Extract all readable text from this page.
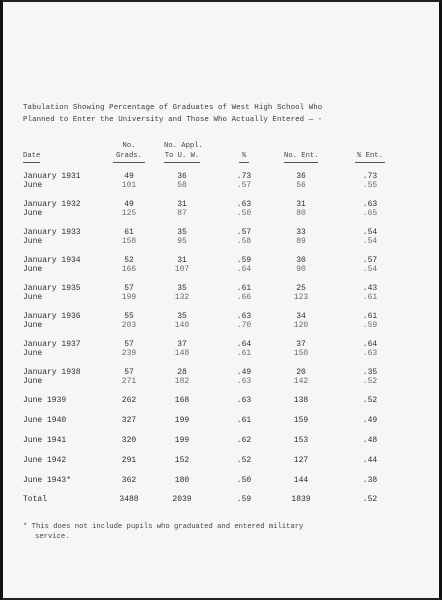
Tabulation Showing Percentage of Graduates of West High School Who
Planned to Enter the University and Those Who Actually Entered — -
No.	No. Appl.
Date	Grads.	To U. W.	%	No. Ent.	% Ent.
January 1931	49	36	.73	36	.73
June	101	58	.57	56	.55
January 1932	49	31	.63	31	.63
June	125	87	.50	80	.65
January 1933	61	35	.57	33	.54
June	158	95	.58	89	.54
January 1934	52	31	.59	30	.57
June	166	107	.64	90	.54
January 1935	57	35	.61	25	.43
June	199	132	.66	123	.61
January 1936	55	35	.63	34	.61
June	203	140	.70	120	.59
January 1937	57	37	.64	37	.64
June	239	148	.61	150	.63
January 1938	57	28	.49	20	.35
June	271	182	.63	142	.52
June 1939	262	168	.63	138	.52
June 1940	327	199	.61	159	.49
June 1941	320	199	.62	153	.48
June 1942	291	152	.52	127	.44
June 1943*	362	180	.50	144	.38
Total	3488	2039	.59	1839	.52
* This does not include pupils who graduated and entered military
service.
